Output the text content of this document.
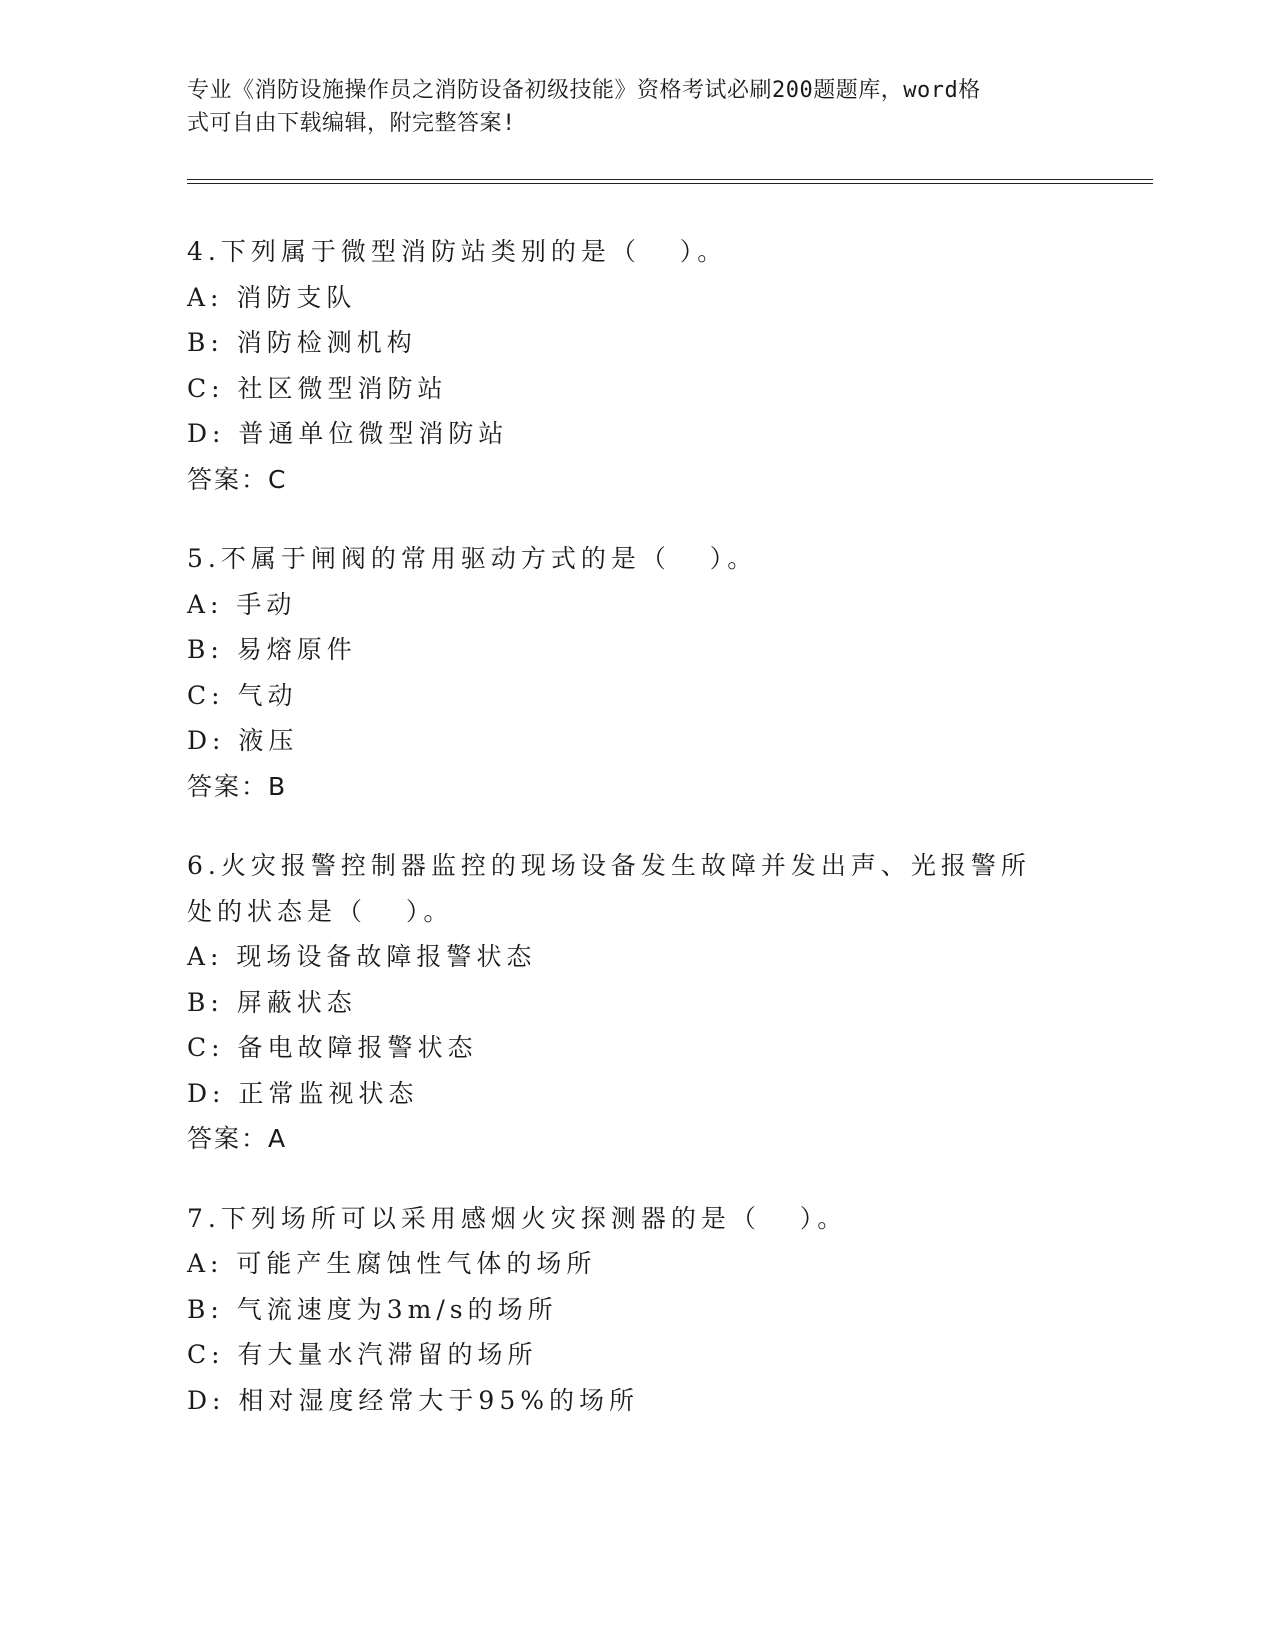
专业《消防设施操作员之消防设备初级技能》资格考试必刷200题题库，word格
式可自由下载编辑，附完整答案!

4.下列属于微型消防站类别的是（   ）。

A: 消防支队

B: 消防检测机构

C: 社区微型消防站

D: 普通单位微型消防站

答案：C

5.不属于闸阀的常用驱动方式的是（   ）。

A: 手动

B: 易熔原件

C: 气动

D: 液压

答案：B

6.火灾报警控制器监控的现场设备发生故障并发出声、光报警所处的状态是（   ）。

A: 现场设备故障报警状态

B: 屏蔽状态

C: 备电故障报警状态

D: 正常监视状态

答案：A

7.下列场所可以采用感烟火灾探测器的是（   ）。

A: 可能产生腐蚀性气体的场所

B: 气流速度为3m/s的场所

C: 有大量水汽滞留的场所

D: 相对湿度经常大于95%的场所
